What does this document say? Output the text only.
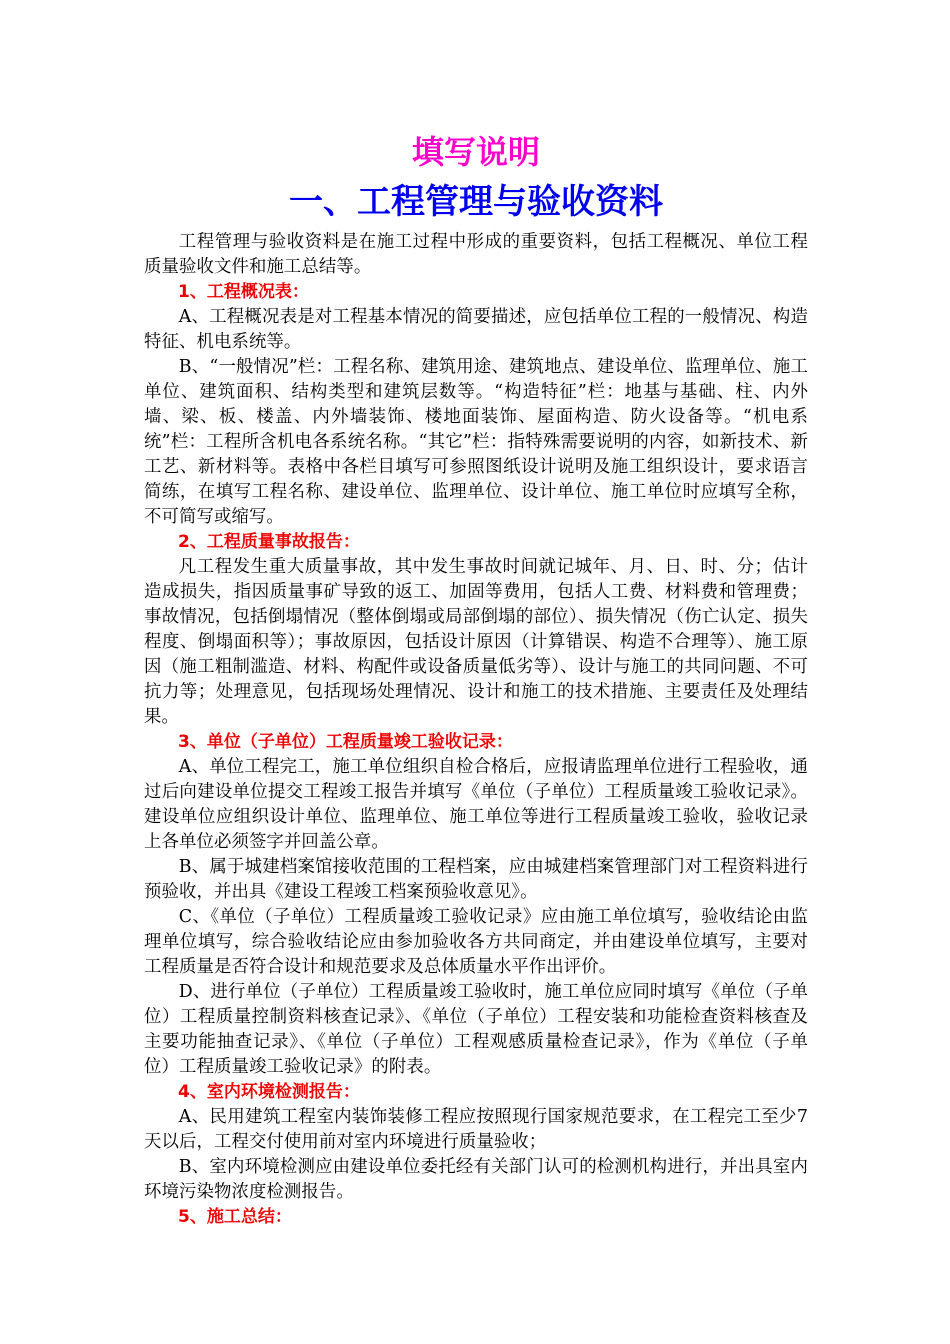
填写说明
一、工程管理与验收资料

工程管理与验收资料是在施工过程中形成的重要资料，包括工程概况、单位工程质量验收文件和施工总结等。

1、工程概况表：

A、工程概况表是对工程基本情况的简要描述，应包括单位工程的一般情况、构造特征、机电系统等。

B、“一般情况”栏：工程名称、建筑用途、建筑地点、建设单位、监理单位、施工单位、建筑面积、结构类型和建筑层数等。“构造特征”栏：地基与基础、柱、内外墙、梁、板、楼盖、内外墙装饰、楼地面装饰、屋面构造、防火设备等。“机电系统”栏：工程所含机电各系统名称。“其它”栏：指特殊需要说明的内容，如新技术、新工艺、新材料等。表格中各栏目填写可参照图纸设计说明及施工组织设计，要求语言简练，在填写工程名称、建设单位、监理单位、设计单位、施工单位时应填写全称，不可简写或缩写。

2、工程质量事故报告：

凡工程发生重大质量事故，其中发生事故时间就记城年、月、日、时、分；估计造成损失，指因质量事矿导致的返工、加固等费用，包括人工费、材料费和管理费；事故情况，包括倒塌情况（整体倒塌或局部倒塌的部位）、损失情况（伤亡认定、损失程度、倒塌面积等）；事故原因，包括设计原因（计算错误、构造不合理等）、施工原因（施工粗制滥造、材料、构配件或设备质量低劣等）、设计与施工的共同问题、不可抗力等；处理意见，包括现场处理情况、设计和施工的技术措施、主要责任及处理结果。

3、单位（子单位）工程质量竣工验收记录：

A、单位工程完工，施工单位组织自检合格后，应报请监理单位进行工程验收，通过后向建设单位提交工程竣工报告并填写《单位（子单位）工程质量竣工验收记录》。建设单位应组织设计单位、监理单位、施工单位等进行工程质量竣工验收，验收记录上各单位必须签字并回盖公章。

B、属于城建档案馆接收范围的工程档案，应由城建档案管理部门对工程资料进行预验收，并出具《建设工程竣工档案预验收意见》。

C、《单位（子单位）工程质量竣工验收记录》应由施工单位填写，验收结论由监理单位填写，综合验收结论应由参加验收各方共同商定，并由建设单位填写，主要对工程质量是否符合设计和规范要求及总体质量水平作出评价。

D、进行单位（子单位）工程质量竣工验收时，施工单位应同时填写《单位（子单位）工程质量控制资料核查记录》、《单位（子单位）工程安装和功能检查资料核查及主要功能抽查记录》、《单位（子单位）工程观感质量检查记录》，作为《单位（子单位）工程质量竣工验收记录》的附表。

4、室内环境检测报告：

A、民用建筑工程室内装饰装修工程应按照现行国家规范要求，在工程完工至少7天以后，工程交付使用前对室内环境进行质量验收；

B、室内环境检测应由建设单位委托经有关部门认可的检测机构进行，并出具室内环境污染物浓度检测报告。

5、施工总结：
